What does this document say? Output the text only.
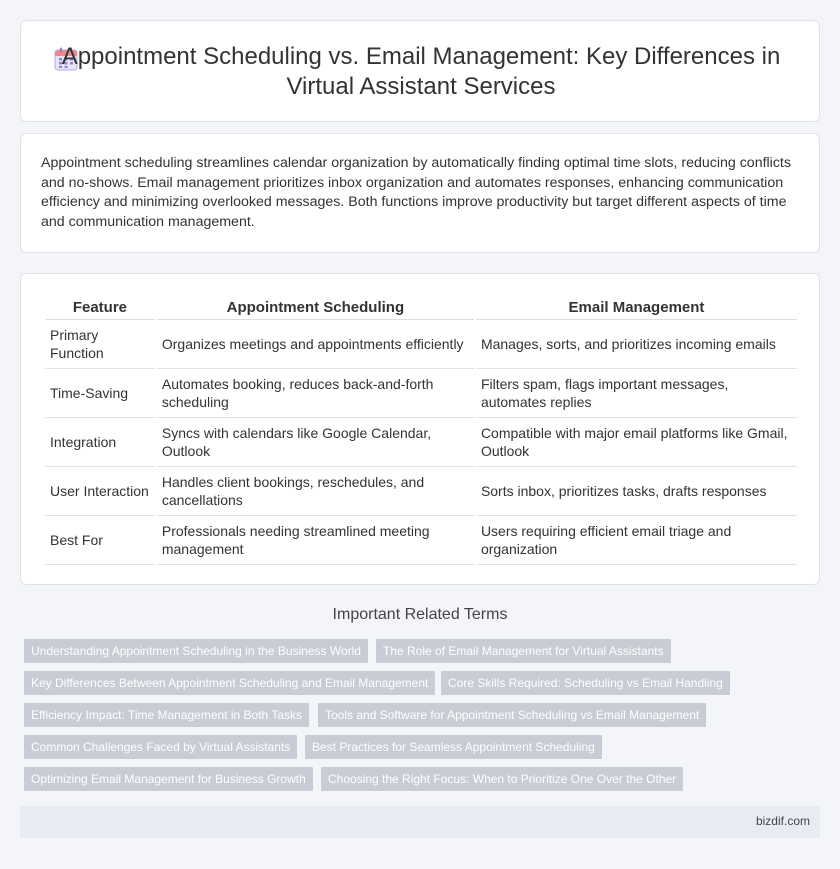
Appointment Scheduling vs. Email Management: Key Differences in Virtual Assistant Services

Appointment scheduling streamlines calendar organization by automatically finding optimal time slots, reducing conflicts and no-shows. Email management prioritizes inbox organization and automates responses, enhancing communication efficiency and minimizing overlooked messages. Both functions improve productivity but target different aspects of time and communication management.

Feature	Appointment Scheduling	Email Management
Primary Function	Organizes meetings and appointments efficiently	Manages, sorts, and prioritizes incoming emails
Time-Saving	Automates booking, reduces back-and-forth scheduling	Filters spam, flags important messages, automates replies
Integration	Syncs with calendars like Google Calendar, Outlook	Compatible with major email platforms like Gmail, Outlook
User Interaction	Handles client bookings, reschedules, and cancellations	Sorts inbox, prioritizes tasks, drafts responses
Best For	Professionals needing streamlined meeting management	Users requiring efficient email triage and organization
Important Related Terms
Understanding Appointment Scheduling in the Business World	The Role of Email Management for Virtual Assistants
Key Differences Between Appointment Scheduling and Email Management	Core Skills Required: Scheduling vs Email Handling
Efficiency Impact: Time Management in Both Tasks	Tools and Software for Appointment Scheduling vs Email Management
Common Challenges Faced by Virtual Assistants	Best Practices for Seamless Appointment Scheduling
Optimizing Email Management for Business Growth	Choosing the Right Focus: When to Prioritize One Over the Other
bizdif.com
